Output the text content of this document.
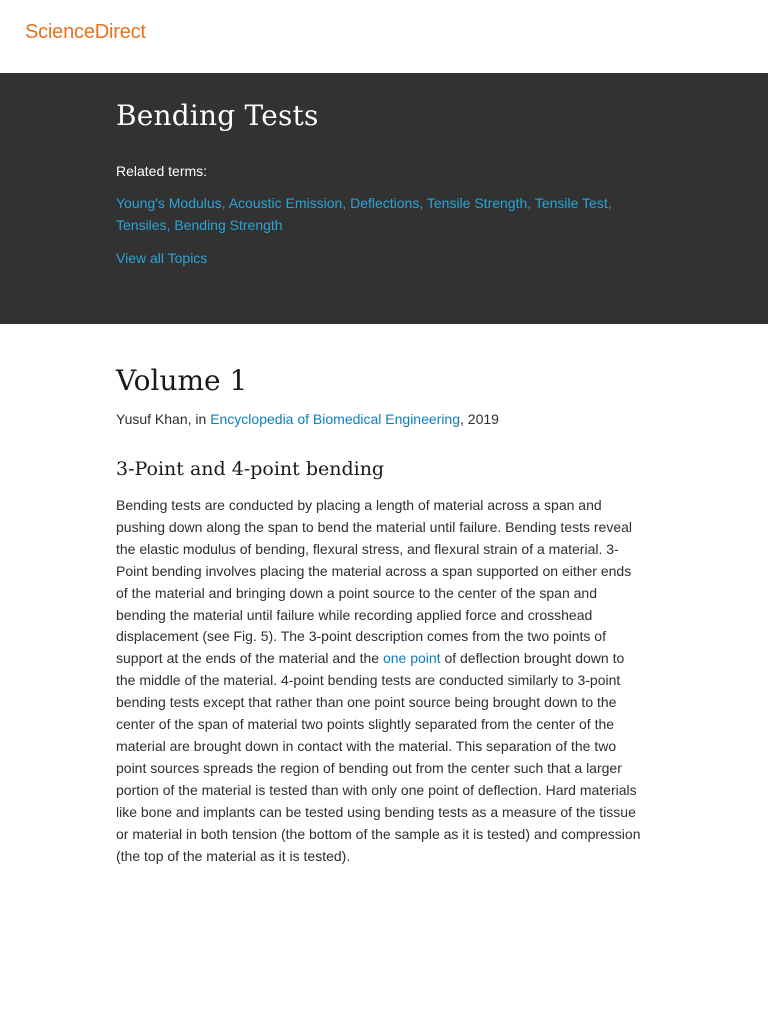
ScienceDirect
Bending Tests
Related terms:
Young's Modulus, Acoustic Emission, Deflections, Tensile Strength, Tensile Test,
Tensiles, Bending Strength
View all Topics
Volume 1
Yusuf Khan, in Encyclopedia of Biomedical Engineering, 2019
3-Point and 4-point bending

Bending tests are conducted by placing a length of material across a span and pushing down along the span to bend the material until failure. Bending tests reveal the elastic modulus of bending, flexural stress, and flexural strain of a material. 3-Point bending involves placing the material across a span supported on either ends of the material and bringing down a point source to the center of the span and bending the material until failure while recording applied force and crosshead displacement (see Fig. 5). The 3-point description comes from the two points of support at the ends of the material and the one point of deflection brought down to the middle of the material. 4-point bending tests are conducted similarly to 3-point bending tests except that rather than one point source being brought down to the center of the span of material two points slightly separated from the center of the material are brought down in contact with the material. This separation of the two point sources spreads the region of bending out from the center such that a larger portion of the material is tested than with only one point of deflection. Hard materials like bone and implants can be tested using bending tests as a measure of the tissue or material in both tension (the bottom of the sample as it is tested) and compression (the top of the material as it is tested).
